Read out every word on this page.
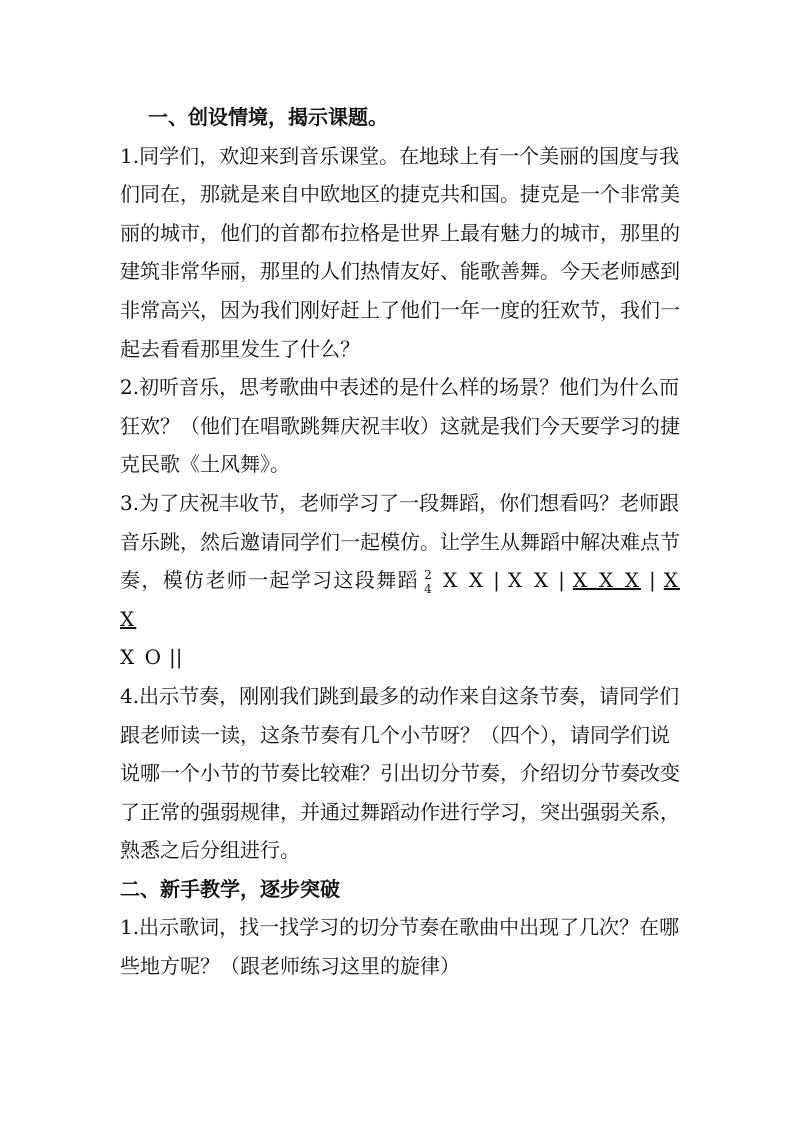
一、创设情境，揭示课题。

1.同学们，欢迎来到音乐课堂。在地球上有一个美丽的国度与我
们同在，那就是来自中欧地区的捷克共和国。捷克是一个非常美
丽的城市，他们的首都布拉格是世界上最有魅力的城市，那里的
建筑非常华丽，那里的人们热情友好、能歌善舞。今天老师感到
非常高兴，因为我们刚好赶上了他们一年一度的狂欢节，我们一
起去看看那里发生了什么？

2.初听音乐，思考歌曲中表述的是什么样的场景？他们为什么而
狂欢？（他们在唱歌跳舞庆祝丰收）这就是我们今天要学习的捷
克民歌《土风舞》。

3.为了庆祝丰收节，老师学习了一段舞蹈，你们想看吗？老师跟
音乐跳，然后邀请同学们一起模仿。让学生从舞蹈中解决难点节
奏，模仿老师一起学习这段舞蹈 2
4 X X | X X | X X X | X X
X O ||

4.出示节奏，刚刚我们跳到最多的动作来自这条节奏，请同学们
跟老师读一读，这条节奏有几个小节呀？（四个），请同学们说
说哪一个小节的节奏比较难？引出切分节奏，介绍切分节奏改变
了正常的强弱规律，并通过舞蹈动作进行学习，突出强弱关系，
熟悉之后分组进行。

二、新手教学，逐步突破

1.出示歌词，找一找学习的切分节奏在歌曲中出现了几次？在哪
些地方呢？（跟老师练习这里的旋律）
